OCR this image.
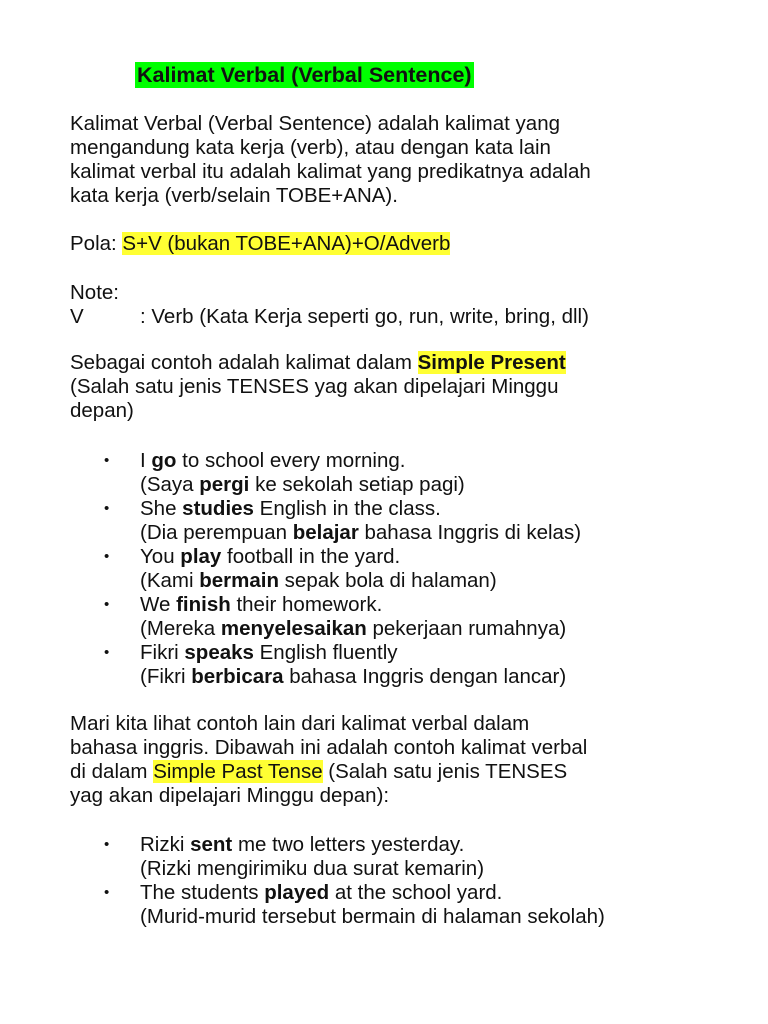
Kalimat Verbal (Verbal Sentence)
Kalimat Verbal (Verbal Sentence) adalah kalimat yang
mengandung kata kerja (verb), atau dengan kata lain
kalimat verbal itu adalah kalimat yang predikatnya adalah
kata kerja (verb/selain TOBE+ANA).
Pola: S+V (bukan TOBE+ANA)+O/Adverb
Note:
V	: Verb (Kata Kerja seperti go, run, write, bring, dll)
Sebagai contoh adalah kalimat dalam Simple Present
(Salah satu jenis TENSES yag akan dipelajari Minggu
depan)
• I go to school every morning.
(Saya pergi ke sekolah setiap pagi)
• She studies English in the class.
(Dia perempuan belajar bahasa Inggris di kelas)
• You play football in the yard.
(Kami bermain sepak bola di halaman)
• We finish their homework.
(Mereka menyelesaikan pekerjaan rumahnya)
• Fikri speaks English fluently
(Fikri berbicara bahasa Inggris dengan lancar)
Mari kita lihat contoh lain dari kalimat verbal dalam
bahasa inggris. Dibawah ini adalah contoh kalimat verbal
di dalam Simple Past Tense (Salah satu jenis TENSES
yag akan dipelajari Minggu depan):
• Rizki sent me two letters yesterday.
(Rizki mengirimiku dua surat kemarin)
• The students played at the school yard.
(Murid-murid tersebut bermain di halaman sekolah)
